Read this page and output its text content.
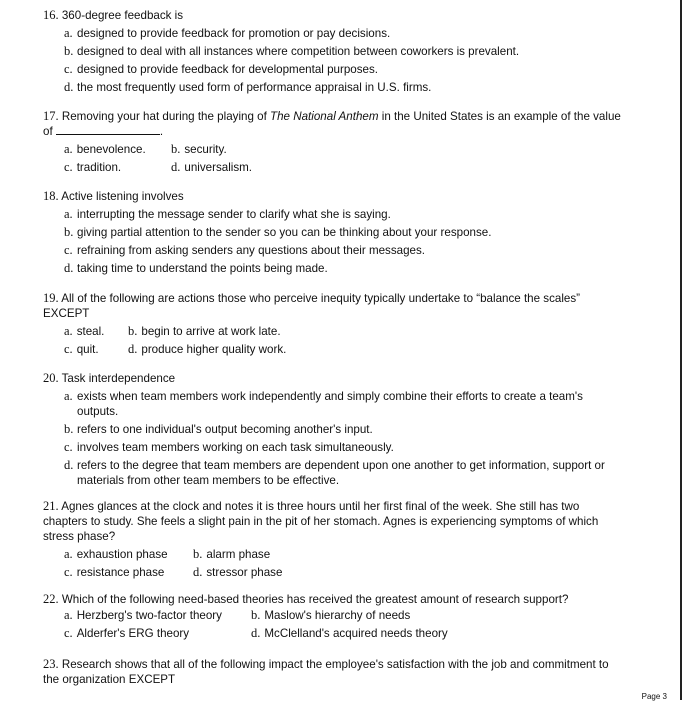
16. 360-degree feedback is
a. designed to provide feedback for promotion or pay decisions.
b. designed to deal with all instances where competition between coworkers is prevalent.
c. designed to provide feedback for developmental purposes.
d. the most frequently used form of performance appraisal in U.S. firms.
17. Removing your hat during the playing of The National Anthem in the United States is an example of the value of	.
a. benevolence. b. security.
c. tradition.	d. universalism.
18. Active listening involves
a. interrupting the message sender to clarify what she is saying.
b. giving partial attention to the sender so you can be thinking about your response.
c. refraining from asking senders any questions about their messages.
d. taking time to understand the points being made.
19. All of the following are actions those who perceive inequity typically undertake to “balance the scales” EXCEPT
a. steal. b. begin to arrive at work late.
c. quit. d. produce higher quality work.
20. Task interdependence
a. exists when team members work independently and simply combine their efforts to create a team's outputs.
b. refers to one individual's output becoming another's input.
c. involves team members working on each task simultaneously.
d. refers to the degree that team members are dependent upon one another to get information, support or materials from other team members to be effective.
21. Agnes glances at the clock and notes it is three hours until her first final of the week. She still has two chapters to study. She feels a slight pain in the pit of her stomach. Agnes is experiencing symptoms of which stress phase?
a. exhaustion phase b. alarm phase
c. resistance phase d. stressor phase
22. Which of the following need-based theories has received the greatest amount of research support?
a. Herzberg's two-factor theory b. Maslow's hierarchy of needs
c. Alderfer's ERG theory	d. McClelland's acquired needs theory
23. Research shows that all of the following impact the employee's satisfaction with the job and commitment to the organization EXCEPT
Page 3
